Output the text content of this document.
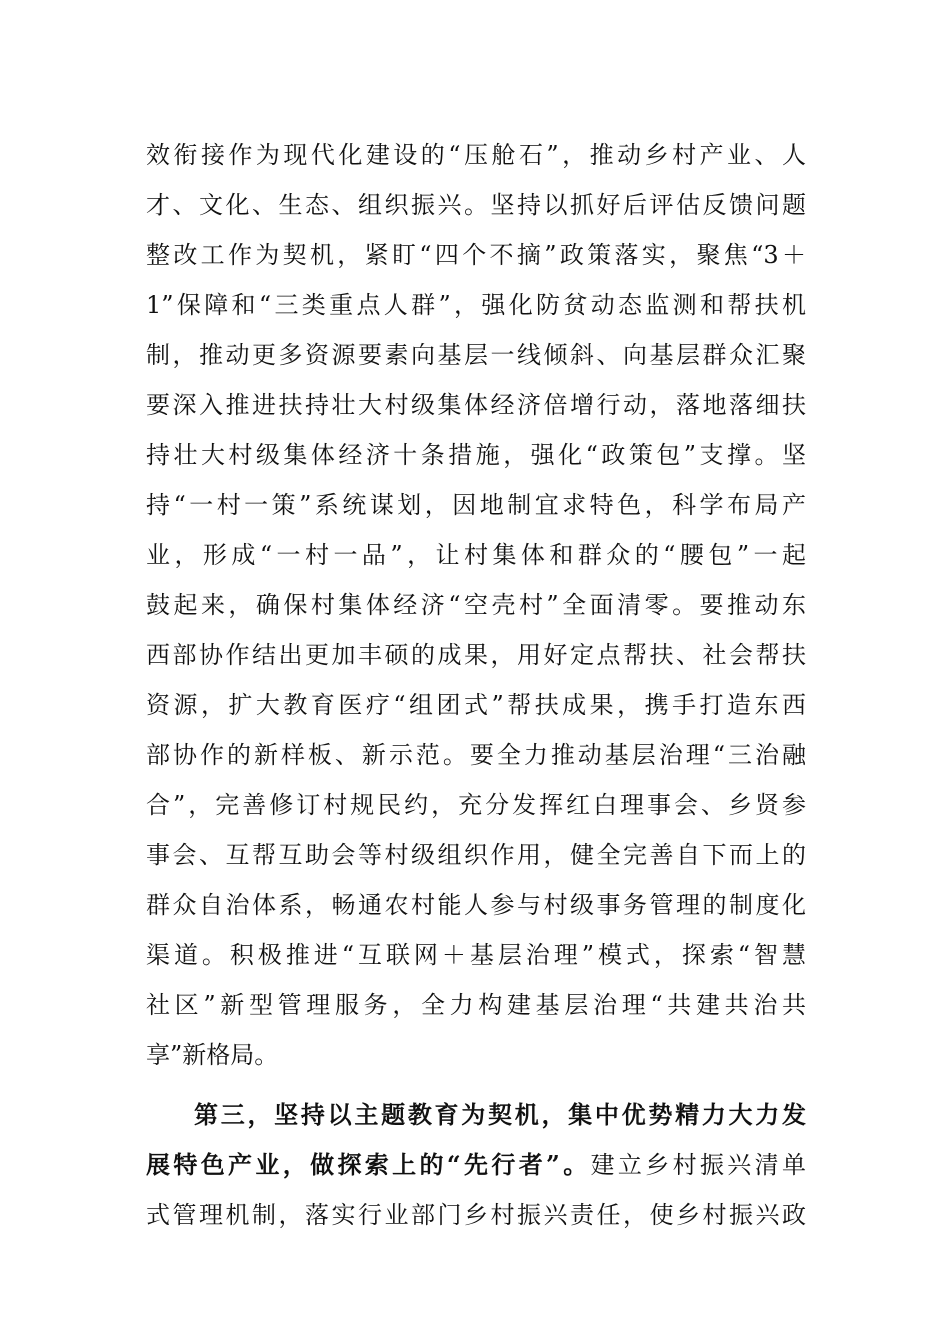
效衔接作为现代化建设的“压舱石”，推动乡村产业、人
才、文化、生态、组织振兴。坚持以抓好后评估反馈问题
整改工作为契机，紧盯“四个不摘”政策落实，聚焦“3＋
1”保障和“三类重点人群”，强化防贫动态监测和帮扶机
制，推动更多资源要素向基层一线倾斜、向基层群众汇聚
要深入推进扶持壮大村级集体经济倍增行动，落地落细扶
持壮大村级集体经济十条措施，强化“政策包”支撑。坚
持“一村一策”系统谋划，因地制宜求特色，科学布局产
业，形成“一村一品”，让村集体和群众的“腰包”一起
鼓起来，确保村集体经济“空壳村”全面清零。要推动东
西部协作结出更加丰硕的成果，用好定点帮扶、社会帮扶
资源，扩大教育医疗“组团式”帮扶成果，携手打造东西
部协作的新样板、新示范。要全力推动基层治理“三治融
合”，完善修订村规民约，充分发挥红白理事会、乡贤参
事会、互帮互助会等村级组织作用，健全完善自下而上的
群众自治体系，畅通农村能人参与村级事务管理的制度化
渠道。积极推进“互联网＋基层治理”模式，探索“智慧
社区”新型管理服务，全力构建基层治理“共建共治共
享”新格局。
第三，坚持以主题教育为契机，集中优势精力大力发
展特色产业，做探索上的“先行者”。建立乡村振兴清单
式管理机制，落实行业部门乡村振兴责任，使乡村振兴政
